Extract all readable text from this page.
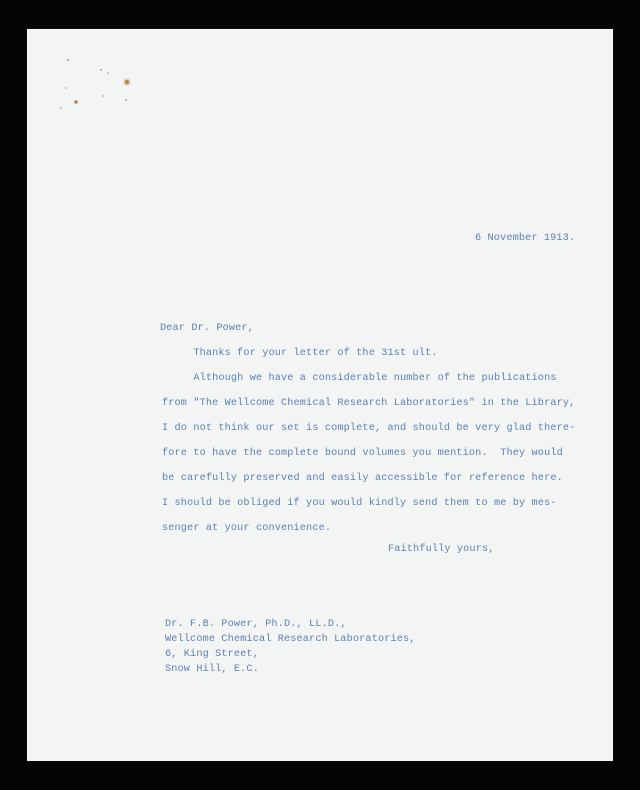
6 November 1913.
Dear Dr. Power,
Thanks for your letter of the 31st ult.
Although we have a considerable number of the publications
from "The Wellcome Chemical Research Laboratories" in the Library,
I do not think our set is complete, and should be very glad there-
fore to have the complete bound volumes you mention.  They would
be carefully preserved and easily accessible for reference here.
I should be obliged if you would kindly send them to me by mes-
senger at your convenience.
Faithfully yours,
Dr. F.B. Power, Ph.D., LL.D.,
Wellcome Chemical Research Laboratories,
6, King Street,
Snow Hill, E.C.
